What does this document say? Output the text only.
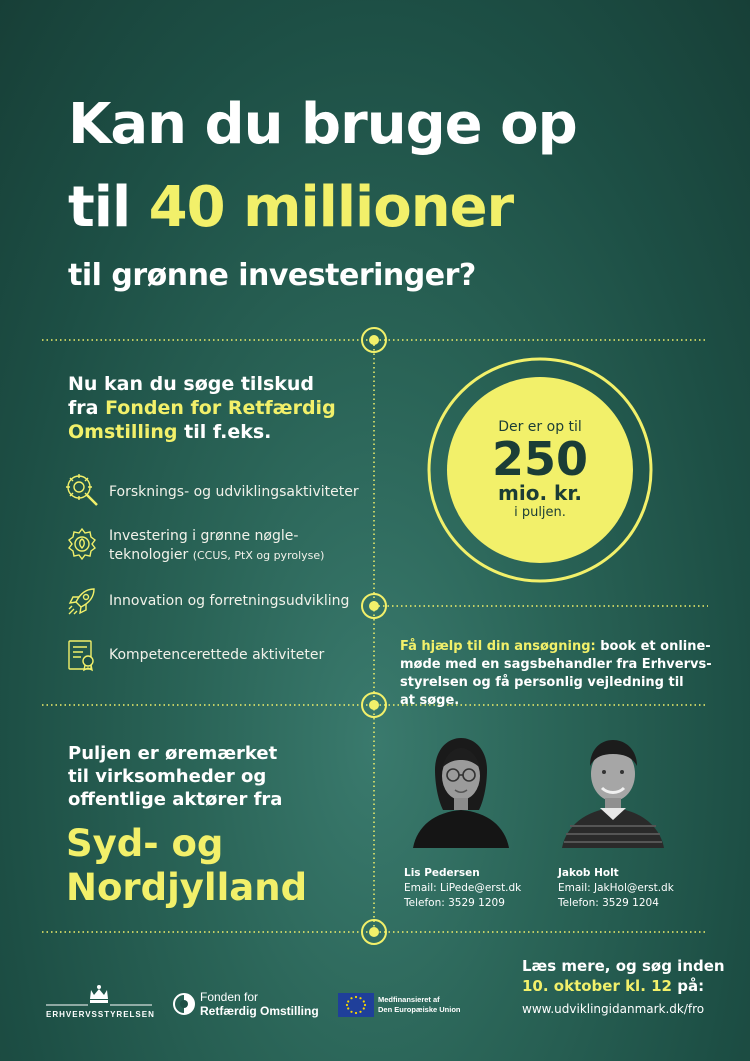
Kan du bruge op
til 40 millioner
til grønne investeringer?
Nu kan du søge tilskud
fra Fonden for Retfærdig
Omstilling til f.eks.
Forsknings- og udviklingsaktiviteter
Investering i grønne nøgle-
teknologier (CCUS, PtX og pyrolyse)
Innovation og forretningsudvikling
Kompetencerettede aktiviteter
Der er op til
250
mio. kr.
i puljen.
Få hjælp til din ansøgning: book et online-
møde med en sagsbehandler fra Erhvervs-
styrelsen og få personlig vejledning til
at søge.
Puljen er øremærket
til virksomheder og
offentlige aktører fra
Syd- og
Nordjylland	Lis Pedersen
Email: LiPede@erst.dk
Telefon: 3529 1209
Jakob Holt
Email: JakHol@erst.dk
Telefon: 3529 1204
Læs mere, og søg inden
10. oktober kl. 12 på:
www.udviklingidanmark.dk/fro
ERHVERVSSTYRELSEN
Fonden for
Retfærdig Omstilling
Medfinansieret af
Den Europæiske Union
